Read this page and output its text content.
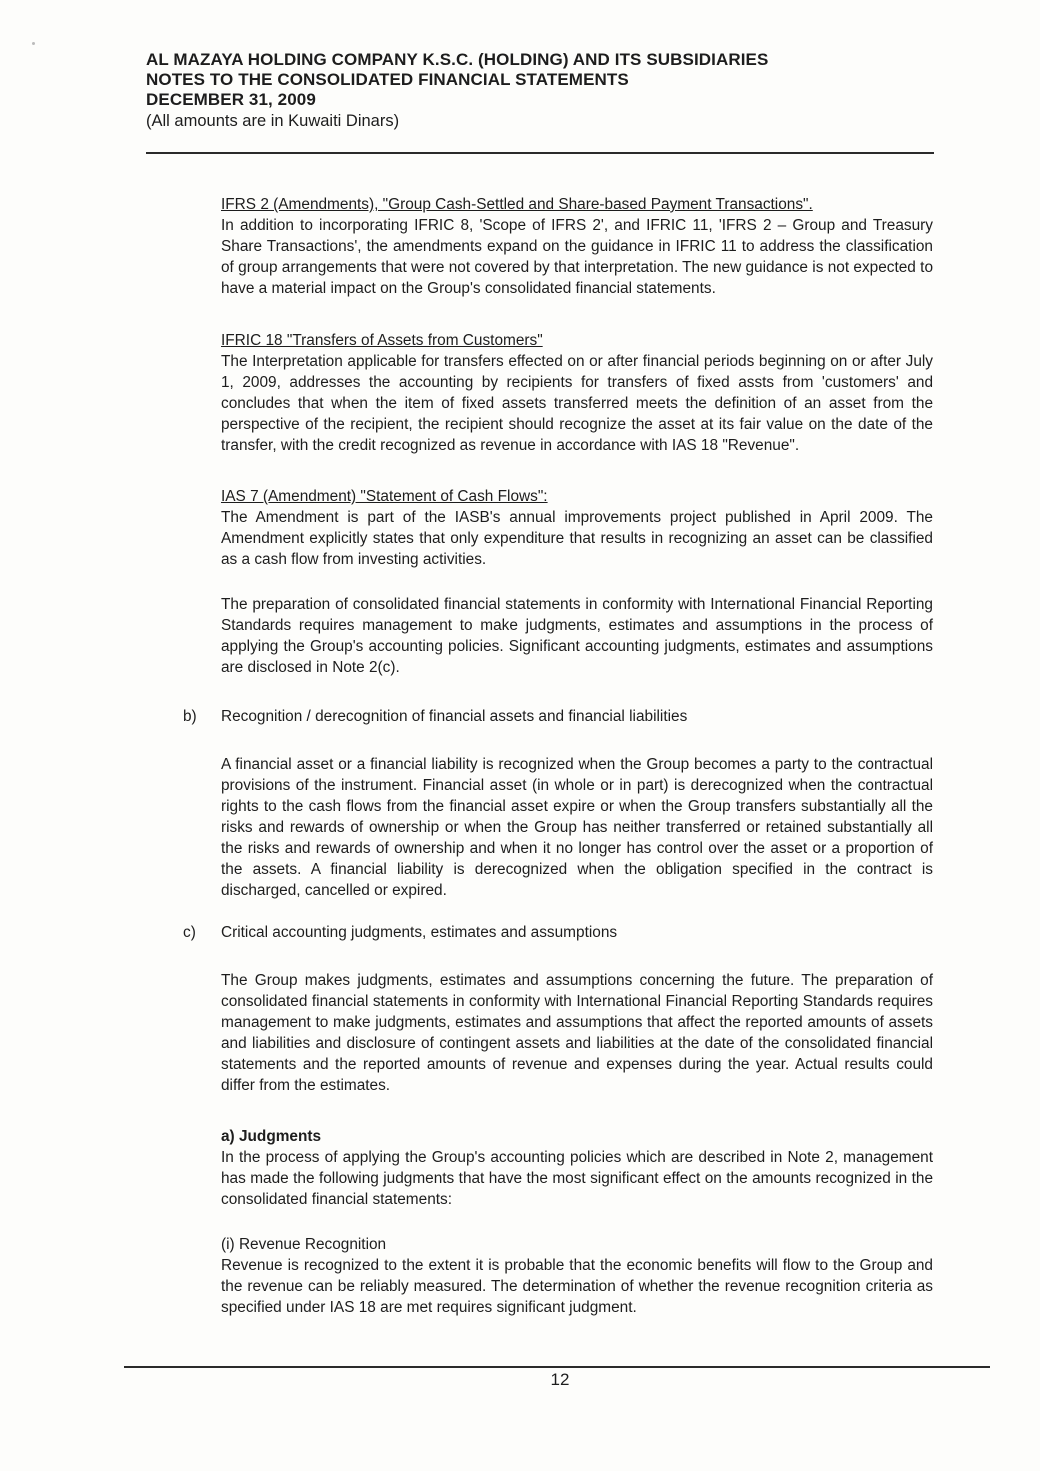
AL MAZAYA HOLDING COMPANY K.S.C. (HOLDING) AND ITS SUBSIDIARIES
NOTES TO THE CONSOLIDATED FINANCIAL STATEMENTS
DECEMBER 31, 2009
(All amounts are in Kuwaiti Dinars)

IFRS 2 (Amendments), "Group Cash-Settled and Share-based Payment Transactions".

In addition to incorporating IFRIC 8, 'Scope of IFRS 2', and IFRIC 11, 'IFRS 2 – Group and Treasury Share Transactions', the amendments expand on the guidance in IFRIC 11 to address the classification of group arrangements that were not covered by that interpretation. The new guidance is not expected to have a material impact on the Group's consolidated financial statements.

IFRIC 18 "Transfers of Assets from Customers"

The Interpretation applicable for transfers effected on or after financial periods beginning on or after July 1, 2009, addresses the accounting by recipients for transfers of fixed assts from 'customers' and concludes that when the item of fixed assets transferred meets the definition of an asset from the perspective of the recipient, the recipient should recognize the asset at its fair value on the date of the transfer, with the credit recognized as revenue in accordance with IAS 18 "Revenue".

IAS 7 (Amendment) "Statement of Cash Flows":

The Amendment is part of the IASB's annual improvements project published in April 2009. The Amendment explicitly states that only expenditure that results in recognizing an asset can be classified as a cash flow from investing activities.

The preparation of consolidated financial statements in conformity with International Financial Reporting Standards requires management to make judgments, estimates and assumptions in the process of applying the Group's accounting policies. Significant accounting judgments, estimates and assumptions are disclosed in Note 2(c).

A financial asset or a financial liability is recognized when the Group becomes a party to the contractual provisions of the instrument. Financial asset (in whole or in part) is derecognized when the contractual rights to the cash flows from the financial asset expire or when the Group transfers substantially all the risks and rewards of ownership or when the Group has neither transferred or retained substantially all the risks and rewards of ownership and when it no longer has control over the asset or a proportion of the assets. A financial liability is derecognized when the obligation specified in the contract is discharged, cancelled or expired.

The Group makes judgments, estimates and assumptions concerning the future. The preparation of consolidated financial statements in conformity with International Financial Reporting Standards requires management to make judgments, estimates and assumptions that affect the reported amounts of assets and liabilities and disclosure of contingent assets and liabilities at the date of the consolidated financial statements and the reported amounts of revenue and expenses during the year. Actual results could differ from the estimates.

a) Judgments

In the process of applying the Group's accounting policies which are described in Note 2, management has made the following judgments that have the most significant effect on the amounts recognized in the consolidated financial statements:

(i) Revenue Recognition

Revenue is recognized to the extent it is probable that the economic benefits will flow to the Group and the revenue can be reliably measured. The determination of whether the revenue recognition criteria as specified under IAS 18 are met requires significant judgment.

b) Recognition / derecognition of financial assets and financial liabilities
c) Critical accounting judgments, estimates and assumptions
12
